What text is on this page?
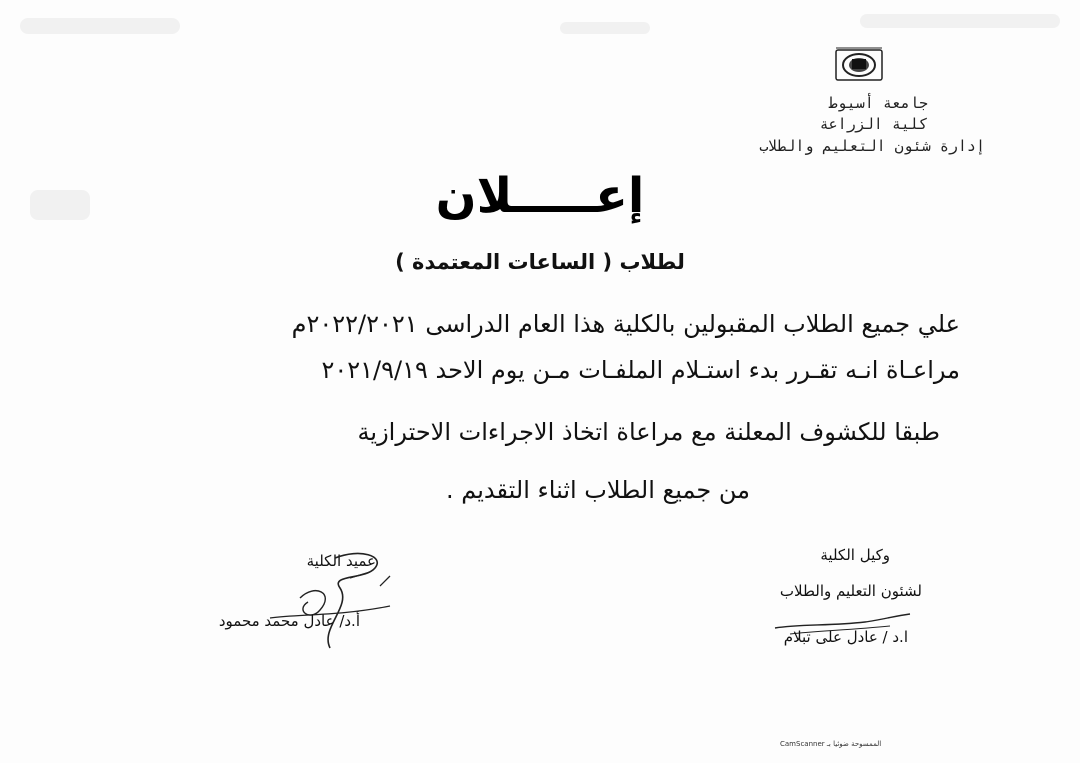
جامعة أسيوط
كلية الزراعة
إدارة شئون التعليم والطلاب
إعـــــلان
لطلاب ( الساعات المعتمدة )
علي جميع الطلاب المقبولين بالكلية هذا العام الدراسى ٢٠٢٢/٢٠٢١م
مراعـاة انـه تقـرر بدء استـلام الملفـات مـن يوم الاحد ٢٠٢١/٩/١٩
طبقا للكشوف المعلنة مع مراعاة اتخاذ الاجراءات الاحترازية
من جميع الطلاب اثناء التقديم .
وكيل الكلية
لشئون التعليم والطلاب
ا.د / عادل على تبلام
عميد الكلية
أ.د/ عادل محمد محمود
CamScanner الممسوحة ضوئيا بـ
